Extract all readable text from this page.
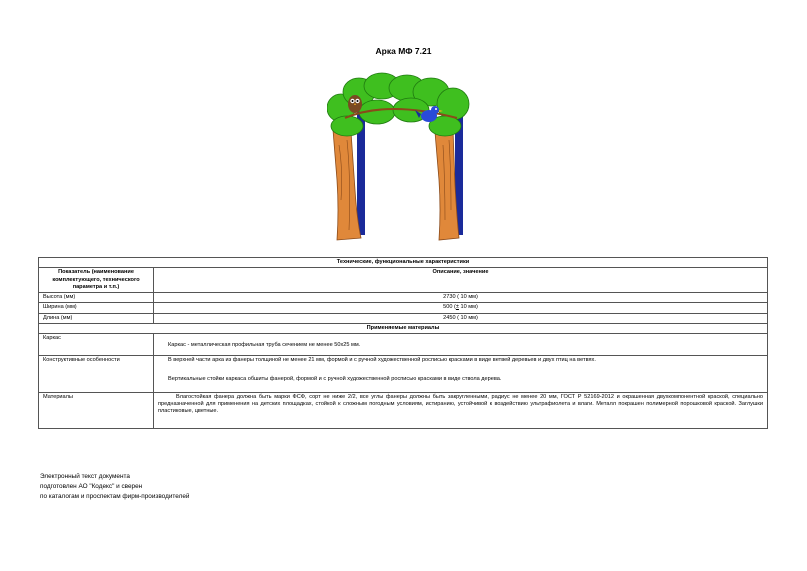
Арка МФ 7.21
Технические, функциональные характеристики	
Показатель (наименование комплектующего, технического параметра и т.п.)	Описание, значение
Высота (мм)	2730 ( 10 мм)
Ширина (мм)	500 (± 10 мм)
Длина (мм)	2450 ( 10 мм)
Применяемые материалы	
Каркас	Каркас - металлическая профильная труба сечением не менее 50х25 мм.

Конструктивные особенности	В верхней части арка из фанеры толщиной не менее 21 мм, формой и с ручной художественной росписью красками в виде ветвей деревьев и двух птиц на ветвях.

Вертикальные стойки каркаса обшиты фанерой, формой и с ручной художественной росписью красками в виде ствола дерева.

Материалы	Влагостойкая фанера должна быть марки ФСФ, сорт не ниже 2/2, все углы фанеры должны быть закругленными, радиус не менее 20 мм, ГОСТ Р 52169-2012 и окрашенная двухкомпонентной краской, специально предназначенной для применения на детских площадках, стойкой к сложным погодным условиям, истиранию, устойчивой к воздействию ультрафиолета и влаги. Металл покрашен полимерной порошковой краской. Заглушки пластиковые, цветные.

Электронный текст документа
подготовлен АО "Кодекс" и сверен
по каталогам и проспектам фирм-производителей
